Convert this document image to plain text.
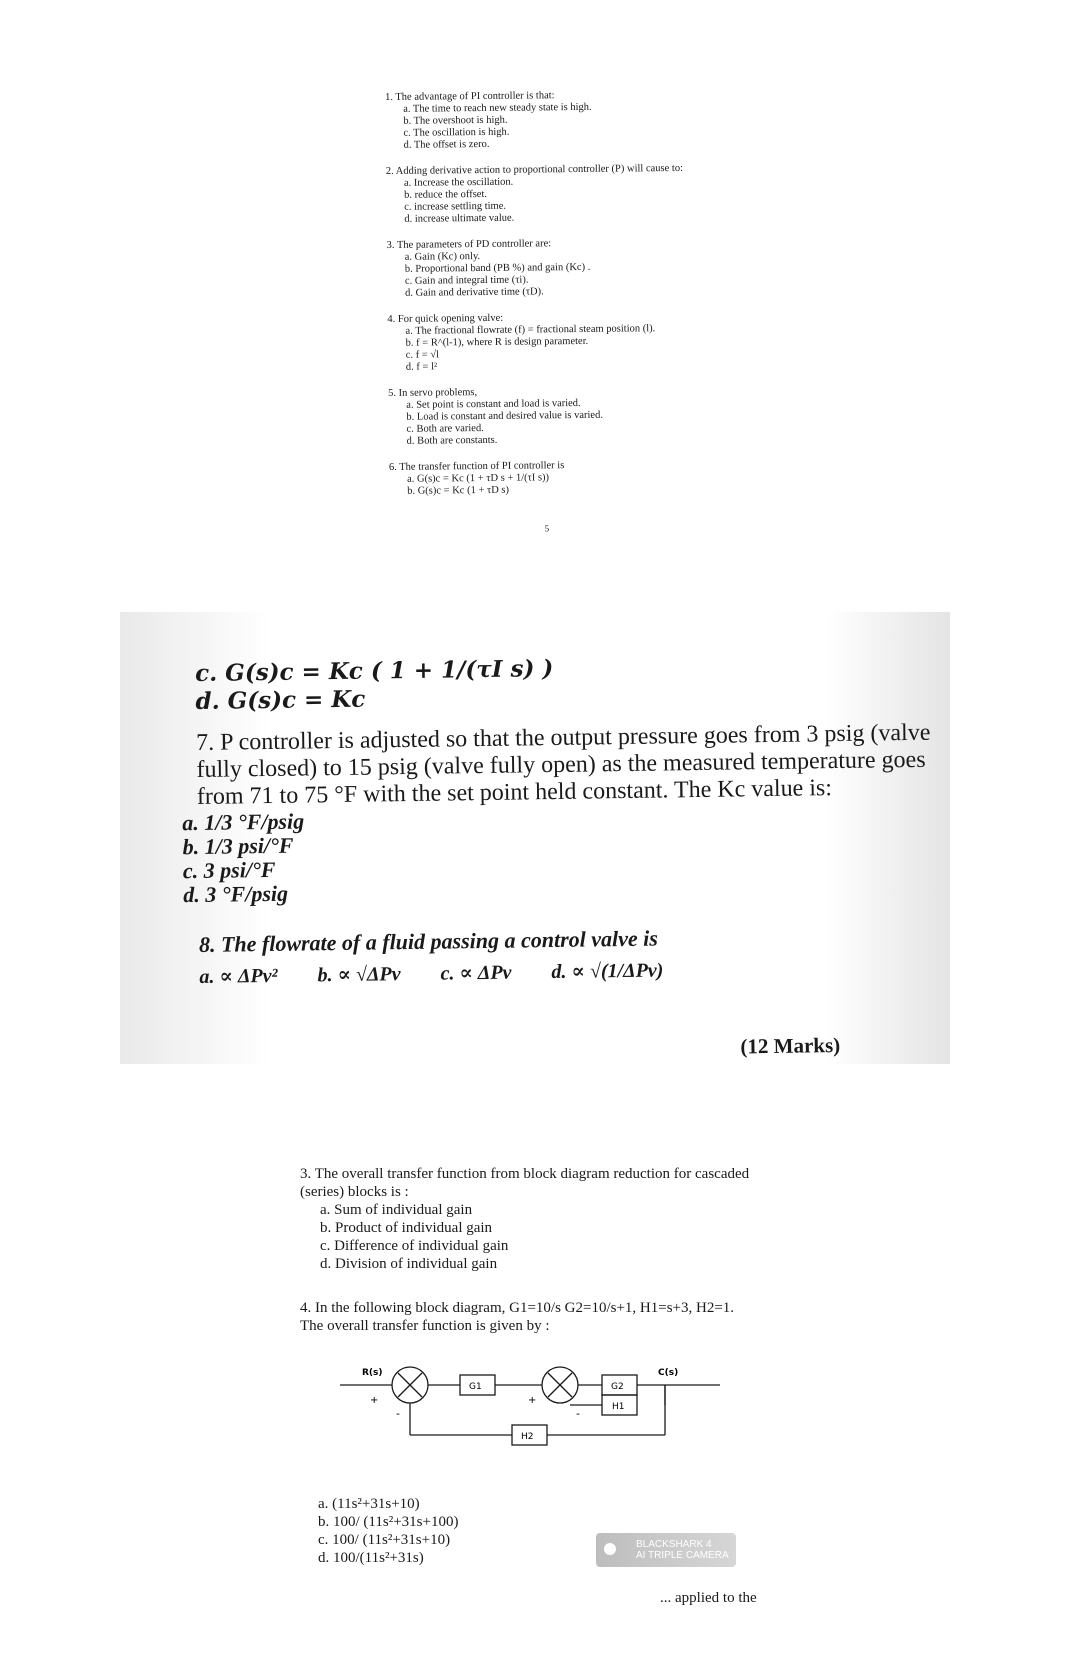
1. The advantage of PI controller is that:

a. The time to reach new steady state is high.

b. The overshoot is high.

c. The oscillation is high.

d. The offset is zero.

2. Adding derivative action to proportional controller (P) will cause to:

a. Increase the oscillation.

b. reduce the offset.

c. increase settling time.

d. increase ultimate value.

3. The parameters of PD controller are:

a. Gain (Kc) only.

b. Proportional band (PB %) and gain (Kc) .

c. Gain and integral time (τi).

d. Gain and derivative time (τD).

4. For quick opening valve:

a. The fractional flowrate (f) = fractional steam position (l).

b. f = R^(l-1), where R is design parameter.

c. f = √l

d. f = l²

5. In servo problems,

a. Set point is constant and load is varied.

b. Load is constant and desired value is varied.

c. Both are varied.

d. Both are constants.

6. The transfer function of PI controller is

a. G(s)c = Kc (1 + τD s + 1/(τI s))

b. G(s)c = Kc (1 + τD s)

5

c. G(s)c = Kc ( 1 + 1/(τI s) )

d. G(s)c = Kc

7. P controller is adjusted so that the output pressure goes from 3 psig (valve fully closed) to 15 psig (valve fully open) as the measured temperature goes from 71 to 75 °F with the set point held constant. The Kc value is:

a. 1/3 °F/psig

b. 1/3 psi/°F

c. 3 psi/°F

d. 3 °F/psig

8. The flowrate of a fluid passing a control valve is

a. ∝ ΔPv² b. ∝ √ΔPv c. ∝ ΔPv d. ∝ √(1/ΔPv)
(12 Marks)

3. The overall transfer function from block diagram reduction for cascaded (series) blocks is :

a. Sum of individual gain

b. Product of individual gain

c. Difference of individual gain

d. Division of individual gain

4. In the following block diagram, G1=10/s G2=10/s+1, H1=s+3, H2=1. The overall transfer function is given by :

R(s)	C(s)
G1	G2
H1
H2
+	+
-	-

a. (11s²+31s+10)

b. 100/ (11s²+31s+100)

c. 100/ (11s²+31s+10)

d. 100/(11s²+31s)

BLACKSHARK 4
AI TRIPLE CAMERA
... applied to the
